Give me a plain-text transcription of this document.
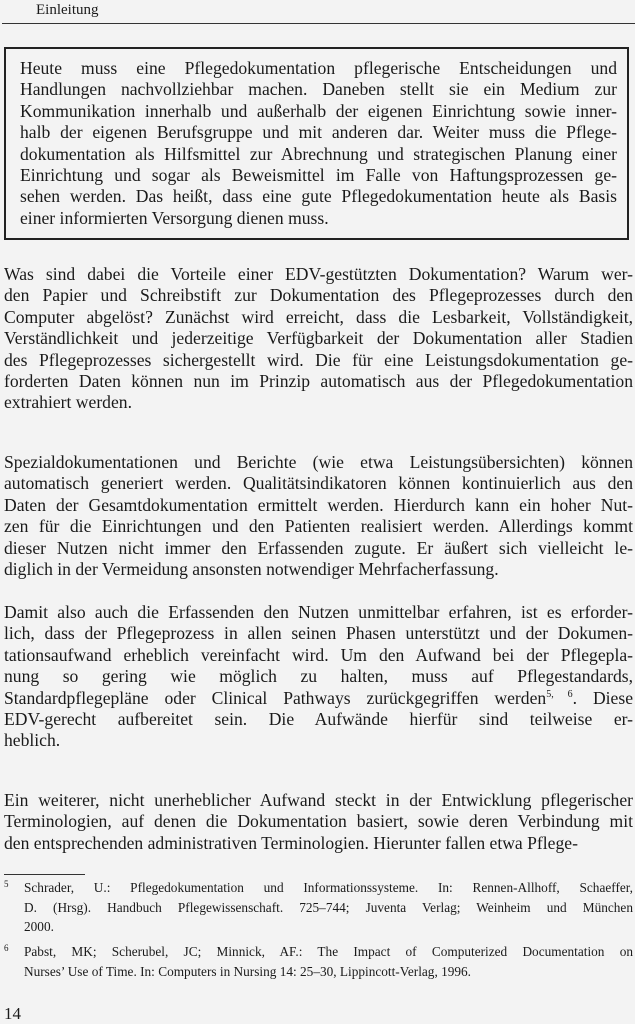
Einleitung
Heute muss eine Pflegedokumentation pflegerische Entscheidungen und
Handlungen nachvollziehbar machen. Daneben stellt sie ein Medium zur
Kommunikation innerhalb und außerhalb der eigenen Einrichtung sowie inner-
halb der eigenen Berufsgruppe und mit anderen dar. Weiter muss die Pflege-
dokumentation als Hilfsmittel zur Abrechnung und strategischen Planung einer
Einrichtung und sogar als Beweismittel im Falle von Haftungsprozessen ge-
sehen werden. Das heißt, dass eine gute Pflegedokumentation heute als Basis
einer informierten Versorgung dienen muss.
Was sind dabei die Vorteile einer EDV-gestützten Dokumentation? Warum wer-
den Papier und Schreibstift zur Dokumentation des Pflegeprozesses durch den
Computer abgelöst? Zunächst wird erreicht, dass die Lesbarkeit, Vollständigkeit,
Verständlichkeit und jederzeitige Verfügbarkeit der Dokumentation aller Stadien
des Pflegeprozesses sichergestellt wird. Die für eine Leistungsdokumentation ge-
forderten Daten können nun im Prinzip automatisch aus der Pflegedokumentation
extrahiert werden.
Spezialdokumentationen und Berichte (wie etwa Leistungsübersichten) können
automatisch generiert werden. Qualitätsindikatoren können kontinuierlich aus den
Daten der Gesamtdokumentation ermittelt werden. Hierdurch kann ein hoher Nut-
zen für die Einrichtungen und den Patienten realisiert werden. Allerdings kommt
dieser Nutzen nicht immer den Erfassenden zugute. Er äußert sich vielleicht le-
diglich in der Vermeidung ansonsten notwendiger Mehrfacherfassung.
Damit also auch die Erfassenden den Nutzen unmittelbar erfahren, ist es erforder-
lich, dass der Pflegeprozess in allen seinen Phasen unterstützt und der Dokumen-
tationsaufwand erheblich vereinfacht wird. Um den Aufwand bei der Pflegepla-
nung so gering wie möglich zu halten, muss auf Pflegestandards,
Standardpflegepläne oder Clinical Pathways zurückgegriffen werden$^{5, 6}$. Diese
EDV-gerecht aufbereitet sein. Die Aufwände hierfür sind teilweise er-
heblich.
Ein weiterer, nicht unerheblicher Aufwand steckt in der Entwicklung pflegerischer
Terminologien, auf denen die Dokumentation basiert, sowie deren Verbindung mit
den entsprechenden administrativen Terminologien. Hierunter fallen etwa Pflege-
5 Schrader, U.: Pflegedokumentation und Informationssysteme. In: Rennen-Allhoff, Schaeffer,
D. (Hrsg). Handbuch Pflegewissenschaft. 725–744; Juventa Verlag; Weinheim und München
2000.
6 Pabst, MK; Scherubel, JC; Minnick, AF.: The Impact of Computerized Documentation on
Nurses’ Use of Time. In: Computers in Nursing 14: 25–30, Lippincott-Verlag, 1996.
14
